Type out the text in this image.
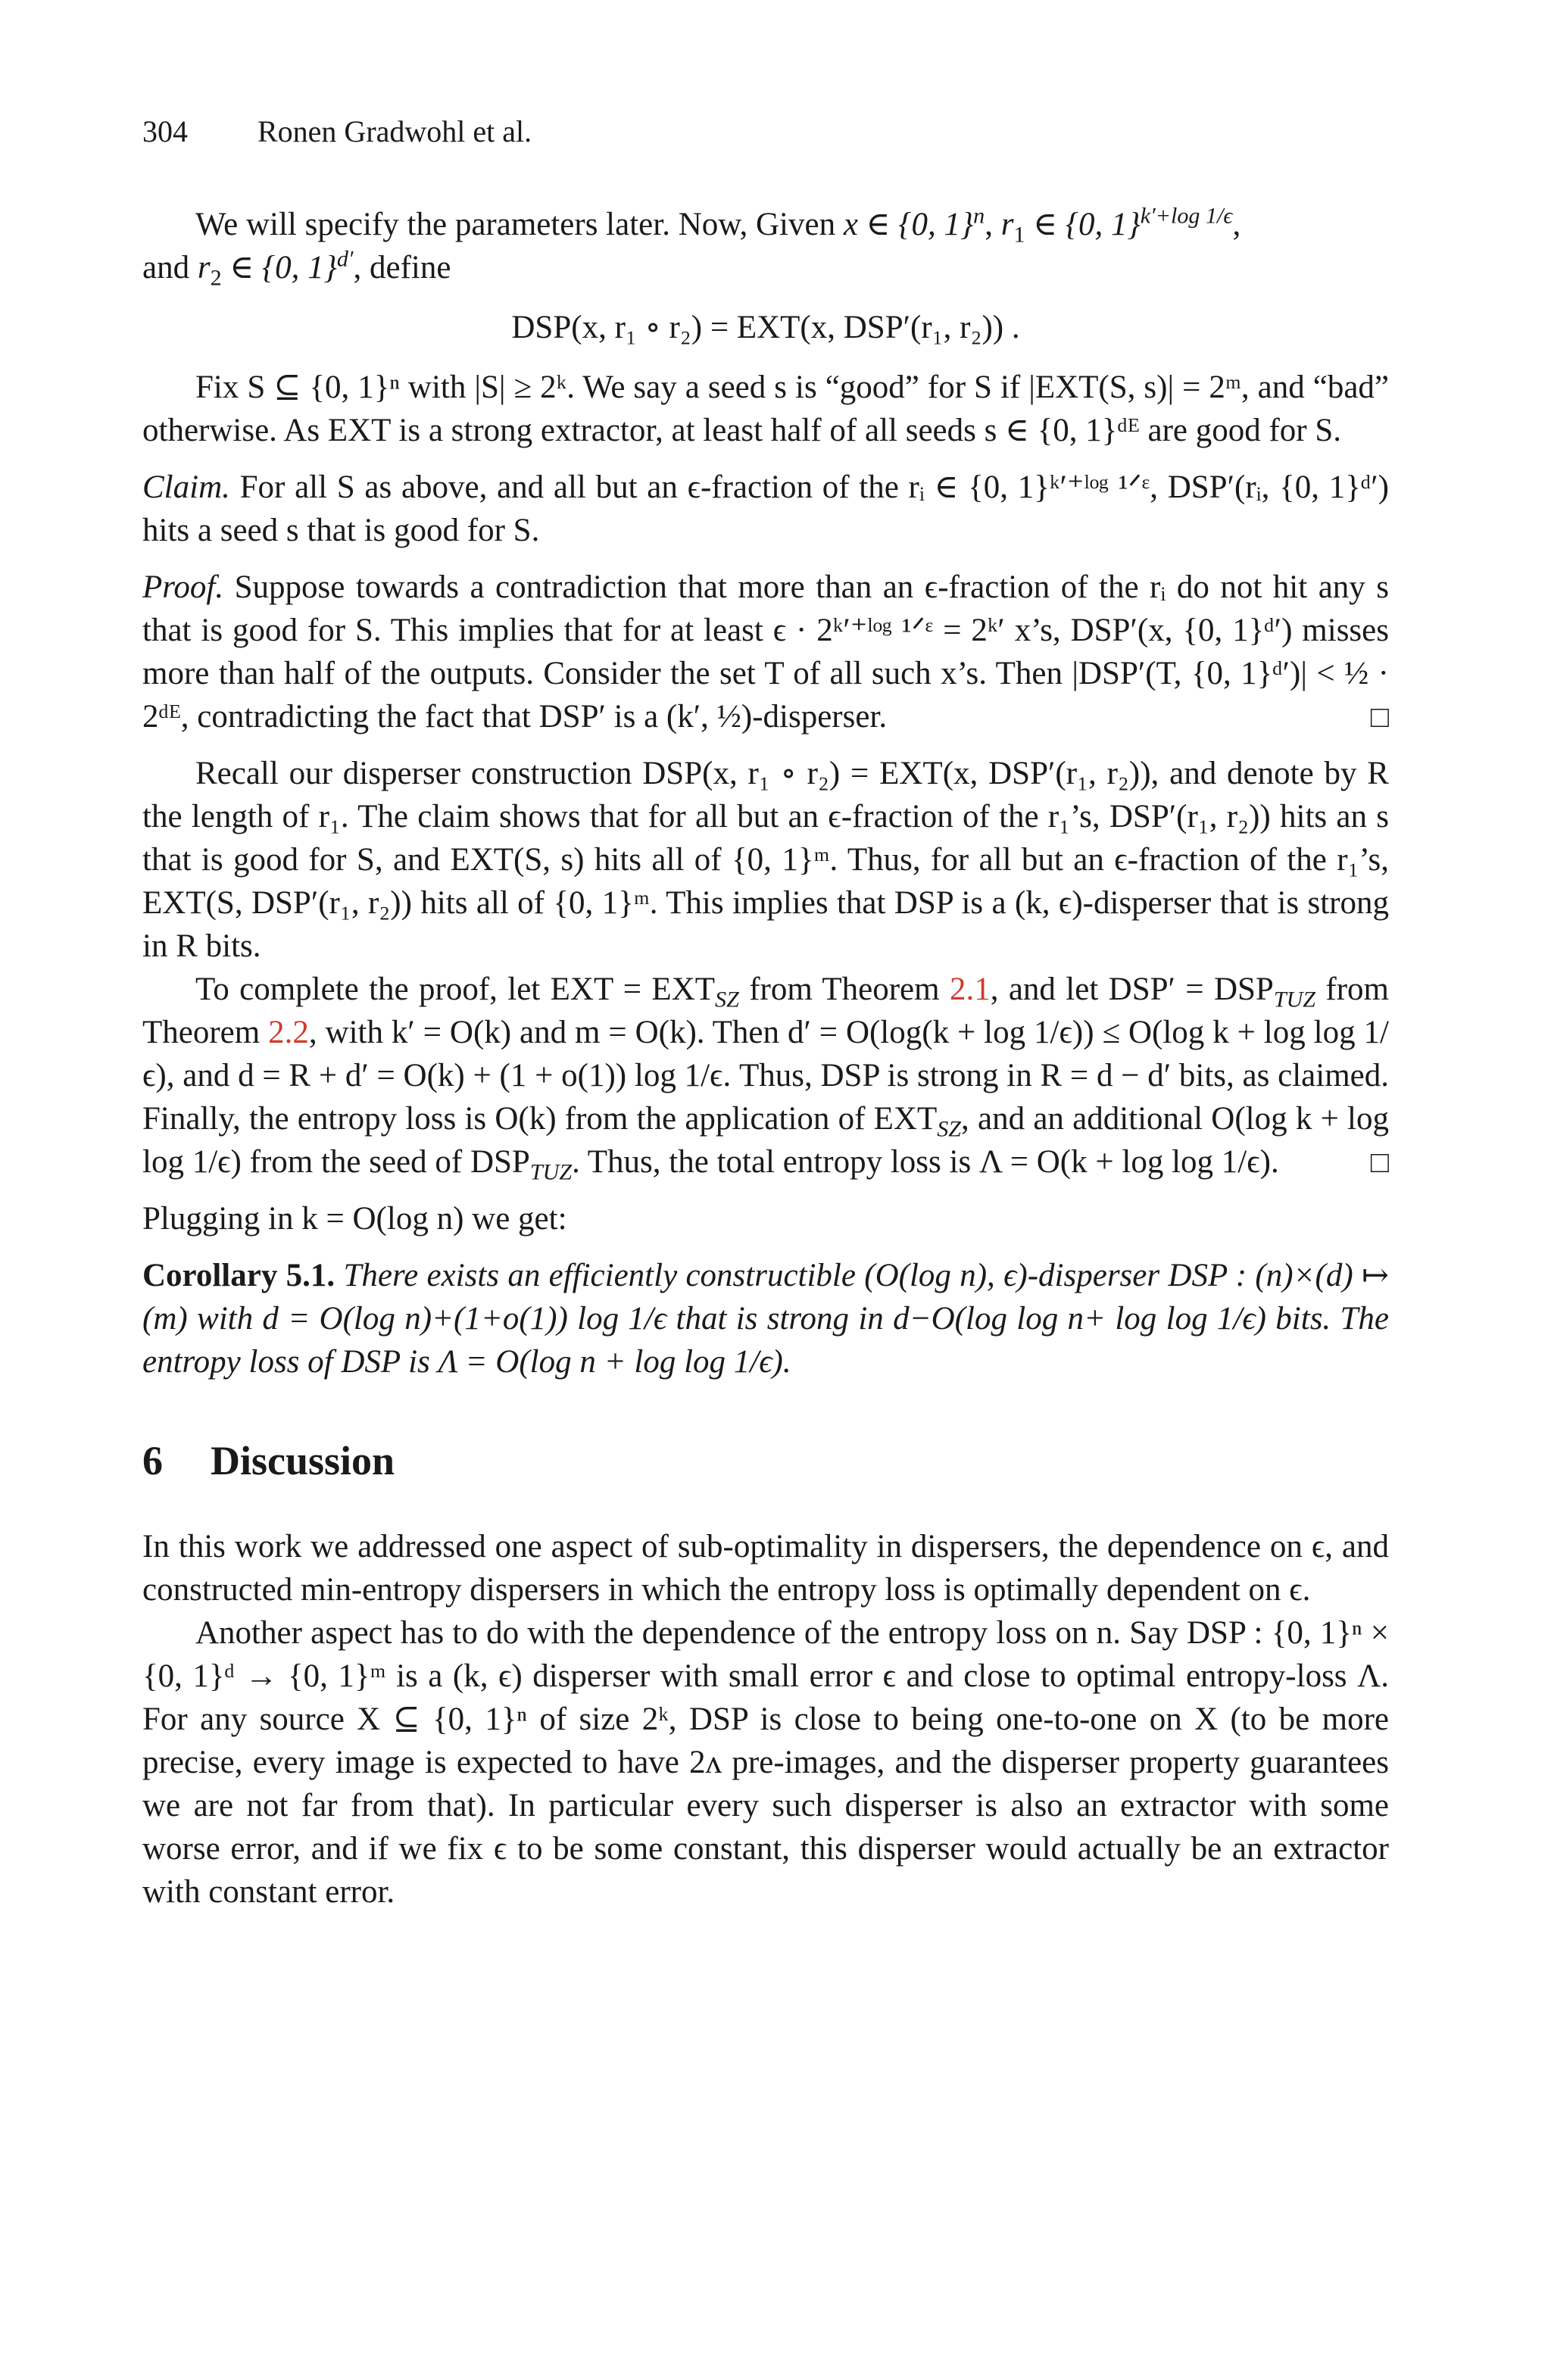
304 Ronen Gradwohl et al.

We will specify the parameters later. Now, Given x ∈ {0, 1}$^n$, $r_1$ ∈ {0, 1}$^{k'+log 1/\epsilon}$,
and $r_2$ ∈ {0, 1}$^{d'}$, define

DSP(x, r₁ ∘ r₂) = EXT(x, DSP′(r₁, r₂)) .

Fix S ⊆ {0, 1}ⁿ with |S| ≥ 2ᵏ. We say a seed s is “good” for S if |EXT(S, s)| = 2ᵐ, and “bad” otherwise. As EXT is a strong extractor, at least half of all seeds s ∈ {0, 1}ᵈᴱ are good for S.

Claim. For all S as above, and all but an ϵ-fraction of the rᵢ ∈ {0, 1}ᵏ′⁺ˡᵒᵍ ¹ᐟᵋ, DSP′(rᵢ, {0, 1}ᵈ′) hits a seed s that is good for S.

Proof. Suppose towards a contradiction that more than an ϵ-fraction of the rᵢ do not hit any s that is good for S. This implies that for at least ϵ · 2ᵏ′⁺ˡᵒᵍ ¹ᐟᵋ = 2ᵏ′ x’s, DSP′(x, {0, 1}ᵈ′) misses more than half of the outputs. Consider the set T of all such x’s. Then |DSP′(T, {0, 1}ᵈ′)| < ½ · 2ᵈᴱ, contradicting the fact that DSP′ is a (k′, ½)-disperser.	□

Recall our disperser construction DSP(x, r₁ ∘ r₂) = EXT(x, DSP′(r₁, r₂)), and denote by R the length of r₁. The claim shows that for all but an ϵ-fraction of the r₁’s, DSP′(r₁, r₂)) hits an s that is good for S, and EXT(S, s) hits all of {0, 1}ᵐ. Thus, for all but an ϵ-fraction of the r₁’s, EXT(S, DSP′(r₁, r₂)) hits all of {0, 1}ᵐ. This implies that DSP is a (k, ϵ)-disperser that is strong in R bits.

To complete the proof, let EXT = $EXT_{SZ}$ from Theorem 2.1, and let $DSP' = DSP_{TUZ}$ from Theorem 2.2, with k′ = O(k) and m = O(k). Then d′ = O(log(k + log 1/ϵ)) ≤ O(log k + log log 1/ϵ), and d = R + d′ = O(k) + (1 + o(1)) log 1/ϵ. Thus, DSP is strong in R = d − d′ bits, as claimed. Finally, the entropy loss is O(k) from the application of $EXT_{SZ}$, and an additional O(log k + log log 1/ϵ) from the seed of $DSP_{TUZ}$. Thus, the total entropy loss is Λ = O(k + log log 1/ϵ).	□

Plugging in k = O(log n) we get:

Corollary 5.1. There exists an efficiently constructible (O(log n), ϵ)-disperser DSP : (n)×(d) ↦ (m) with d = O(log n)+(1+o(1)) log 1/ϵ that is strong in d−O(log log n+ log log 1/ϵ) bits. The entropy loss of DSP is Λ = O(log n + log log 1/ϵ).

6 Discussion

In this work we addressed one aspect of sub-optimality in dispersers, the dependence on ϵ, and constructed min-entropy dispersers in which the entropy loss is optimally dependent on ϵ.

Another aspect has to do with the dependence of the entropy loss on n. Say DSP : {0, 1}ⁿ × {0, 1}ᵈ → {0, 1}ᵐ is a (k, ϵ) disperser with small error ϵ and close to optimal entropy-loss Λ. For any source X ⊆ {0, 1}ⁿ of size 2ᵏ, DSP is close to being one-to-one on X (to be more precise, every image is expected to have 2ᴧ pre-images, and the disperser property guarantees we are not far from that). In particular every such disperser is also an extractor with some worse error, and if we fix ϵ to be some constant, this disperser would actually be an extractor with constant error.
